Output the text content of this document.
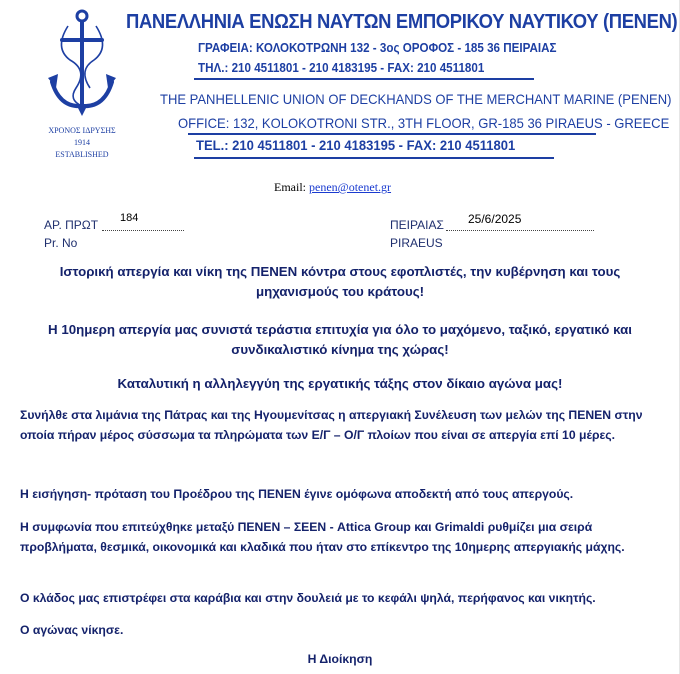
ΧΡΟΝΟΣ ΙΔΡΥΣΗΣ
1914
ESTABLISHED
ΠΑΝΕΛΛΗΝΙΑ ΕΝΩΣΗ ΝΑΥΤΩΝ ΕΜΠΟΡΙΚΟΥ ΝΑΥΤΙΚΟΥ (ΠΕΝΕΝ)
ΓΡΑΦΕΙΑ: ΚΟΛΟΚΟΤΡΩΝΗ 132 - 3ος ΟΡΟΦΟΣ - 185 36 ΠΕΙΡΑΙΑΣ
ΤΗΛ.: 210 4511801 - 210 4183195 - FAX: 210 4511801
THE PANHELLENIC UNION OF DECKHANDS OF THE MERCHANT MARINE (PENEN)
OFFICE: 132, KOLOKOTRONI STR., 3TH FLOOR, GR-185 36 PIRAEUS - GREECE
TEL.: 210 4511801 - 210 4183195 - FAX: 210 4511801
Email: penen@otenet.gr
ΑΡ. ΠΡΩΤ 184
Pr. No
ΠΕΙΡΑΙΑΣ 25/6/2025
PIRAEUS
Ιστορική απεργία και νίκη της ΠΕΝΕΝ κόντρα στους εφοπλιστές, την κυβέρνηση και τους μηχανισμούς του κράτους!
Η 10ημερη απεργία μας συνιστά τεράστια επιτυχία για όλο το μαχόμενο, ταξικό, εργατικό και συνδικαλιστικό κίνημα της χώρας!
Καταλυτική η αλληλεγγύη της εργατικής τάξης στον δίκαιο αγώνα μας!
Συνήλθε στα λιμάνια της Πάτρας και της Ηγουμενίτσας η απεργιακή Συνέλευση των μελών της ΠΕΝΕΝ στην οποία πήραν μέρος σύσσωμα τα πληρώματα των Ε/Γ – Ο/Γ πλοίων που είναι σε απεργία επί 10 μέρες.
Η εισήγηση- πρόταση του Προέδρου της ΠΕΝΕΝ έγινε ομόφωνα αποδεκτή από τους απεργούς.
Η συμφωνία που επιτεύχθηκε μεταξύ ΠΕΝΕΝ – ΣΕΕΝ - Attica Group και Grimaldi ρυθμίζει μια σειρά προβλήματα, θεσμικά, οικονομικά και κλαδικά που ήταν στο επίκεντρο της 10ημερης απεργιακής μάχης.
Ο κλάδος μας επιστρέφει στα καράβια και στην δουλειά με το κεφάλι ψηλά, περήφανος και νικητής.
Ο αγώνας νίκησε.
Η Διοίκηση
